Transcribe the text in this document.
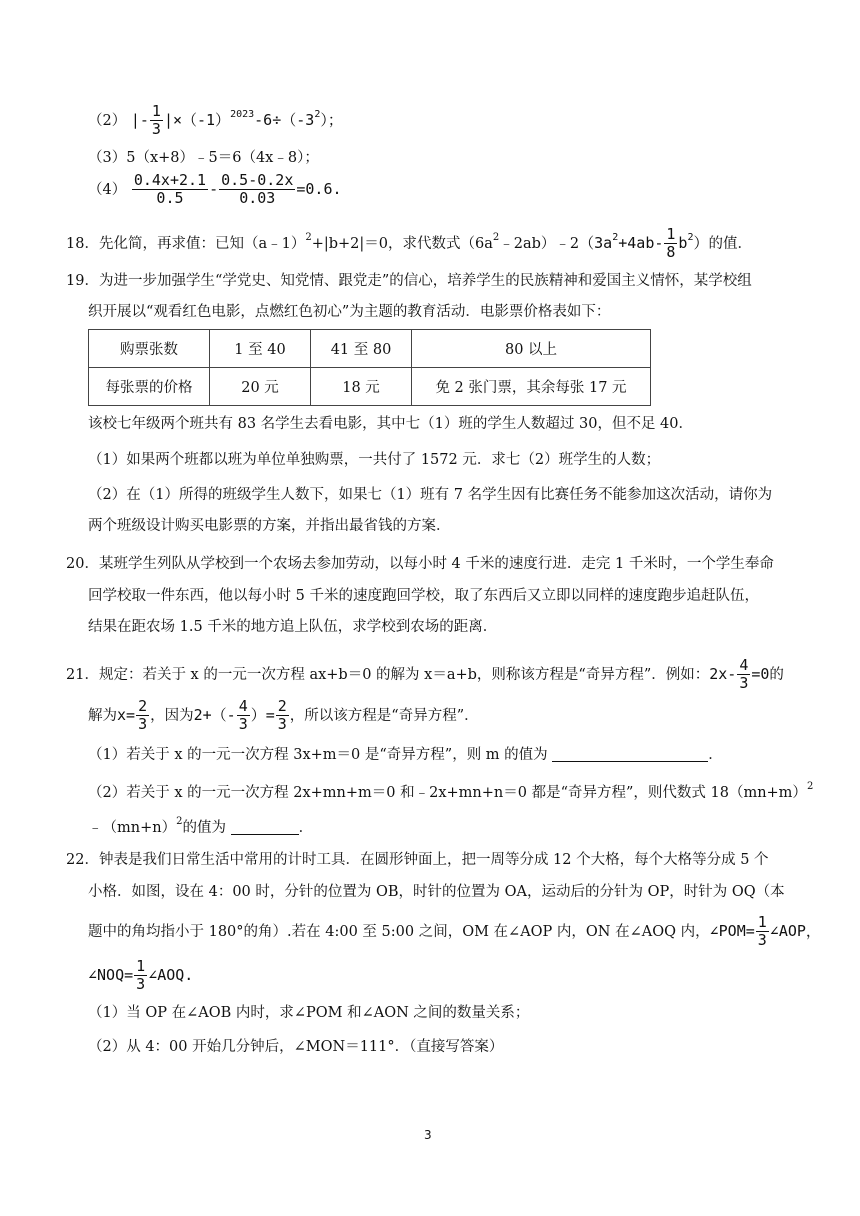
（2） |- $\frac{1}{3} |\times(-1)^{2023}-6\div(-3^2)$；
（3）5（x+8）﹣5＝6（4x﹣8）；
$(4) \frac{0.4x+2.1}{0.5} - \frac{0.5-0.2x}{0.03} =0.6$.
18．先化简，再求值：已知（a﹣1）$^2$+|b+2|＝0，求代数式$(6a^2﹣2ab)﹣2(3a^2+4ab- \frac{1}{8} b^2)$的值．
19．为进一步加强学生“学党史、知党情、跟党走”的信心，培养学生的民族精神和爱国主义情怀，某学校组
织开展以“观看红色电影，点燃红色初心”为主题的教育活动．电影票价格表如下：
购票张数	1 至 40	41 至 80	80 以上
每张票的价格	20 元	18 元	免 2 张门票，其余每张 17 元
该校七年级两个班共有 83 名学生去看电影，其中七（1）班的学生人数超过 30，但不足 40．
（1）如果两个班都以班为单位单独购票，一共付了 1572 元．求七（2）班学生的人数；
（2）在（1）所得的班级学生人数下，如果七（1）班有 7 名学生因有比赛任务不能参加这次活动，请你为
两个班级设计购买电影票的方案，并指出最省钱的方案．
20．某班学生列队从学校到一个农场去参加劳动，以每小时 4 千米的速度行进．走完 1 千米时，一个学生奉命
回学校取一件东西，他以每小时 5 千米的速度跑回学校，取了东西后又立即以同样的速度跑步追赶队伍，
结果在距农场 1.5 千米的地方追上队伍，求学校到农场的距离．
21．规定：若关于 x 的一元一次方程 ax+b＝0 的解为 x＝a+b，则称该方程是“奇异方程”．例如：$2x- \frac{4}{3} =0$的
解为$x= \frac{2}{3}$ ，因为$2+(- \frac{4}{3}$ ）= $\frac{2}{3}$ ，所以该方程是“奇异方程”．
（1）若关于 x 的一元一次方程 3x+m＝0 是“奇异方程”，则 m 的值为	．
（2）若关于 x 的一元一次方程 2x+mn+m＝0 和﹣2x+mn+n＝0 都是“奇异方程”，则代数式 $18(mn+m)^2$
$﹣(mn+n)^2$的值为	．
22．钟表是我们日常生活中常用的计时工具．在圆形钟面上，把一周等分成 12 个大格，每个大格等分成 5 个
小格．如图，设在 4：00 时，分针的位置为 OB，时针的位置为 OA，运动后的分针为 OP，时针为 OQ（本
题中的角均指小于 180°的角）.若在 4:00 至 5:00 之间，OM 在∠AOP 内，ON 在∠AOQ 内，∠POM= $\frac{1}{3}$ ∠AOP，
∠NOQ= $\frac{1}{3}$ ∠AOQ.
（1）当 OP 在∠AOB 内时，求∠POM 和∠AON 之间的数量关系；
（2）从 4：00 开始几分钟后，∠MON＝111°．（直接写答案）
3
